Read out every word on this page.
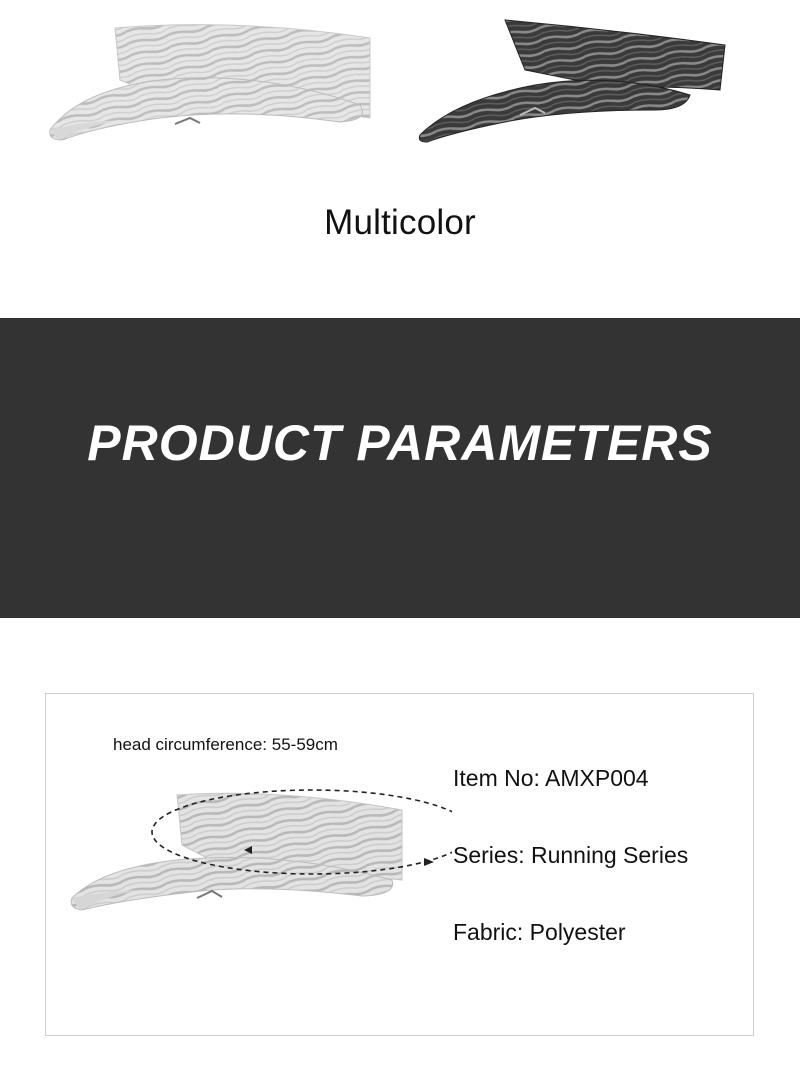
Multicolor
PRODUCT PARAMETERS
head circumference: 55-59cm
Item No: AMXP004
Series: Running Series
Fabric: Polyester
